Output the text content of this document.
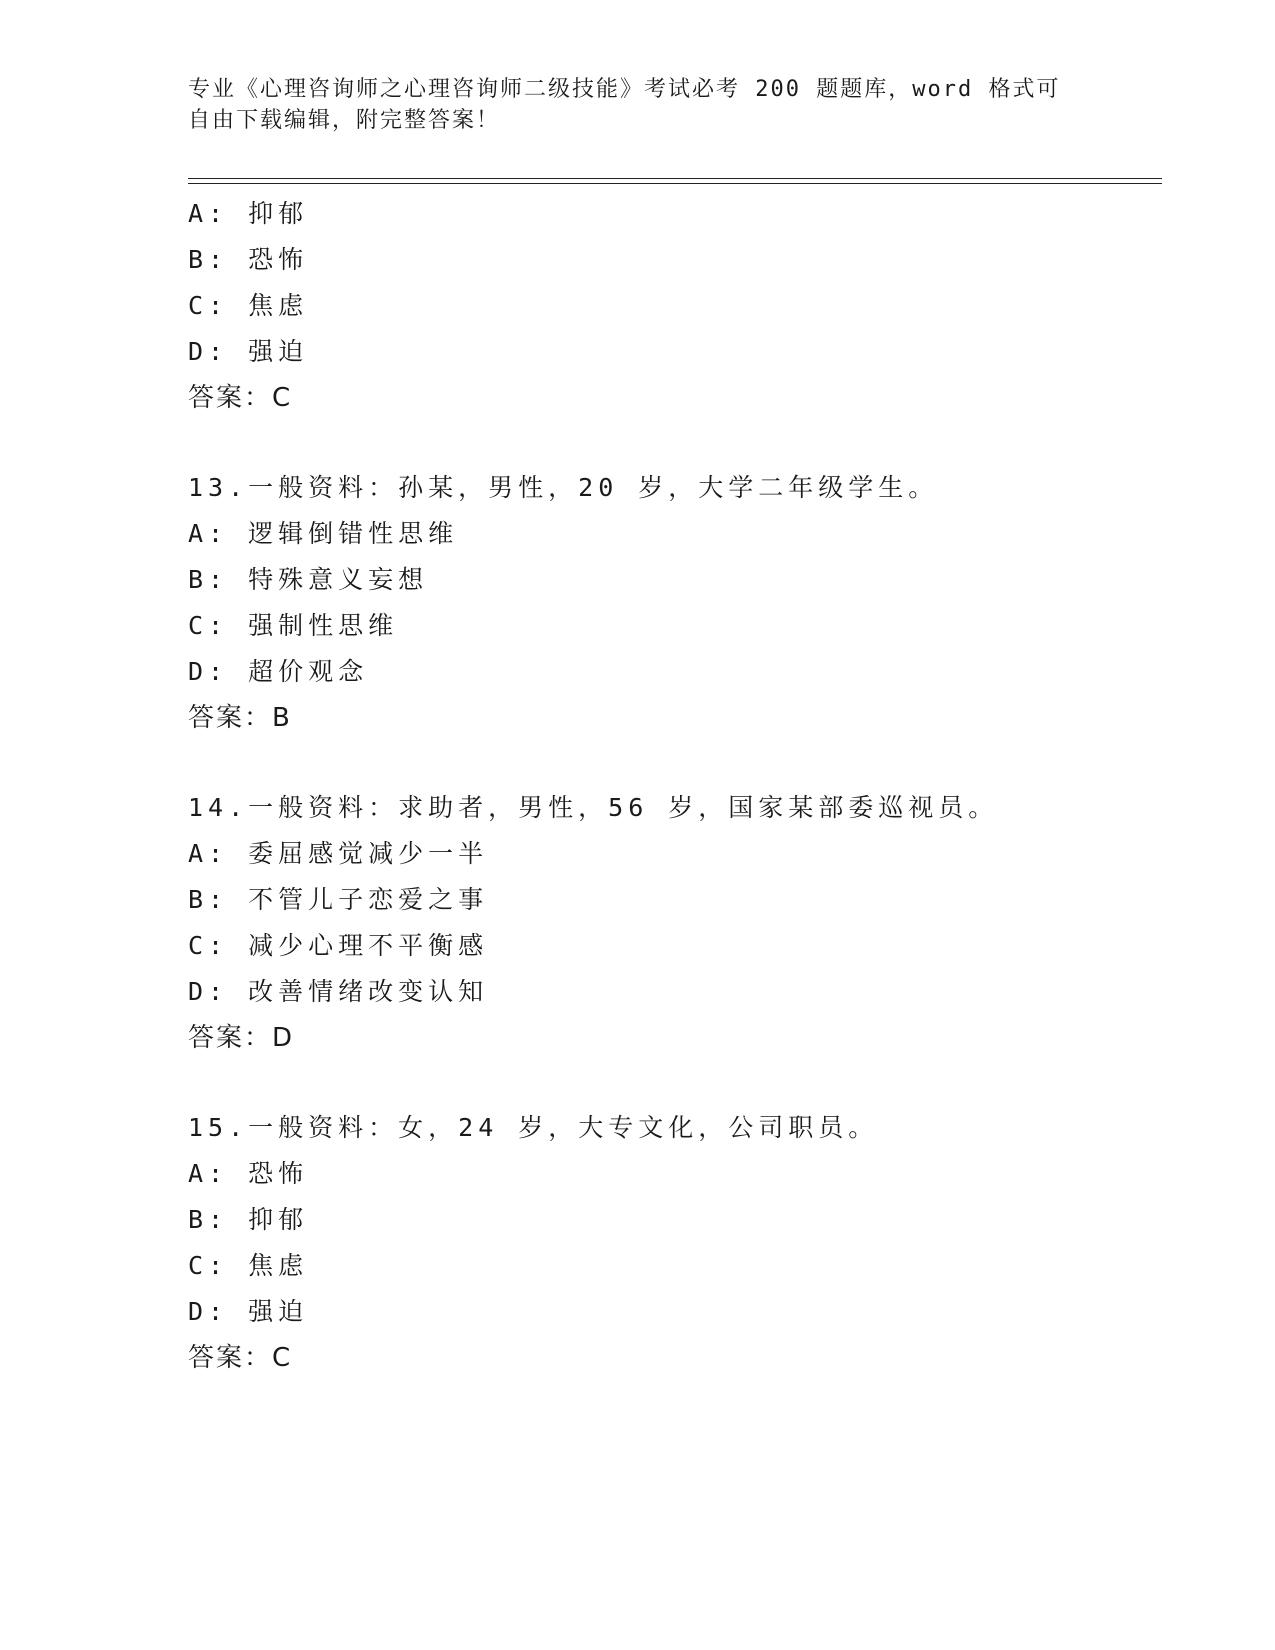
专业《心理咨询师之心理咨询师二级技能》考试必考 200 题题库，word 格式可自由下载编辑，附完整答案！
A: 抑郁
B: 恐怖
C: 焦虑
D: 强迫
答案：C
13.一般资料：孙某，男性，20 岁，大学二年级学生。
A: 逻辑倒错性思维
B: 特殊意义妄想
C: 强制性思维
D: 超价观念
答案：B
14.一般资料：求助者，男性，56 岁，国家某部委巡视员。
A: 委屈感觉减少一半
B: 不管儿子恋爱之事
C: 减少心理不平衡感
D: 改善情绪改变认知
答案：D
15.一般资料：女，24 岁，大专文化，公司职员。
A: 恐怖
B: 抑郁
C: 焦虑
D: 强迫
答案：C
